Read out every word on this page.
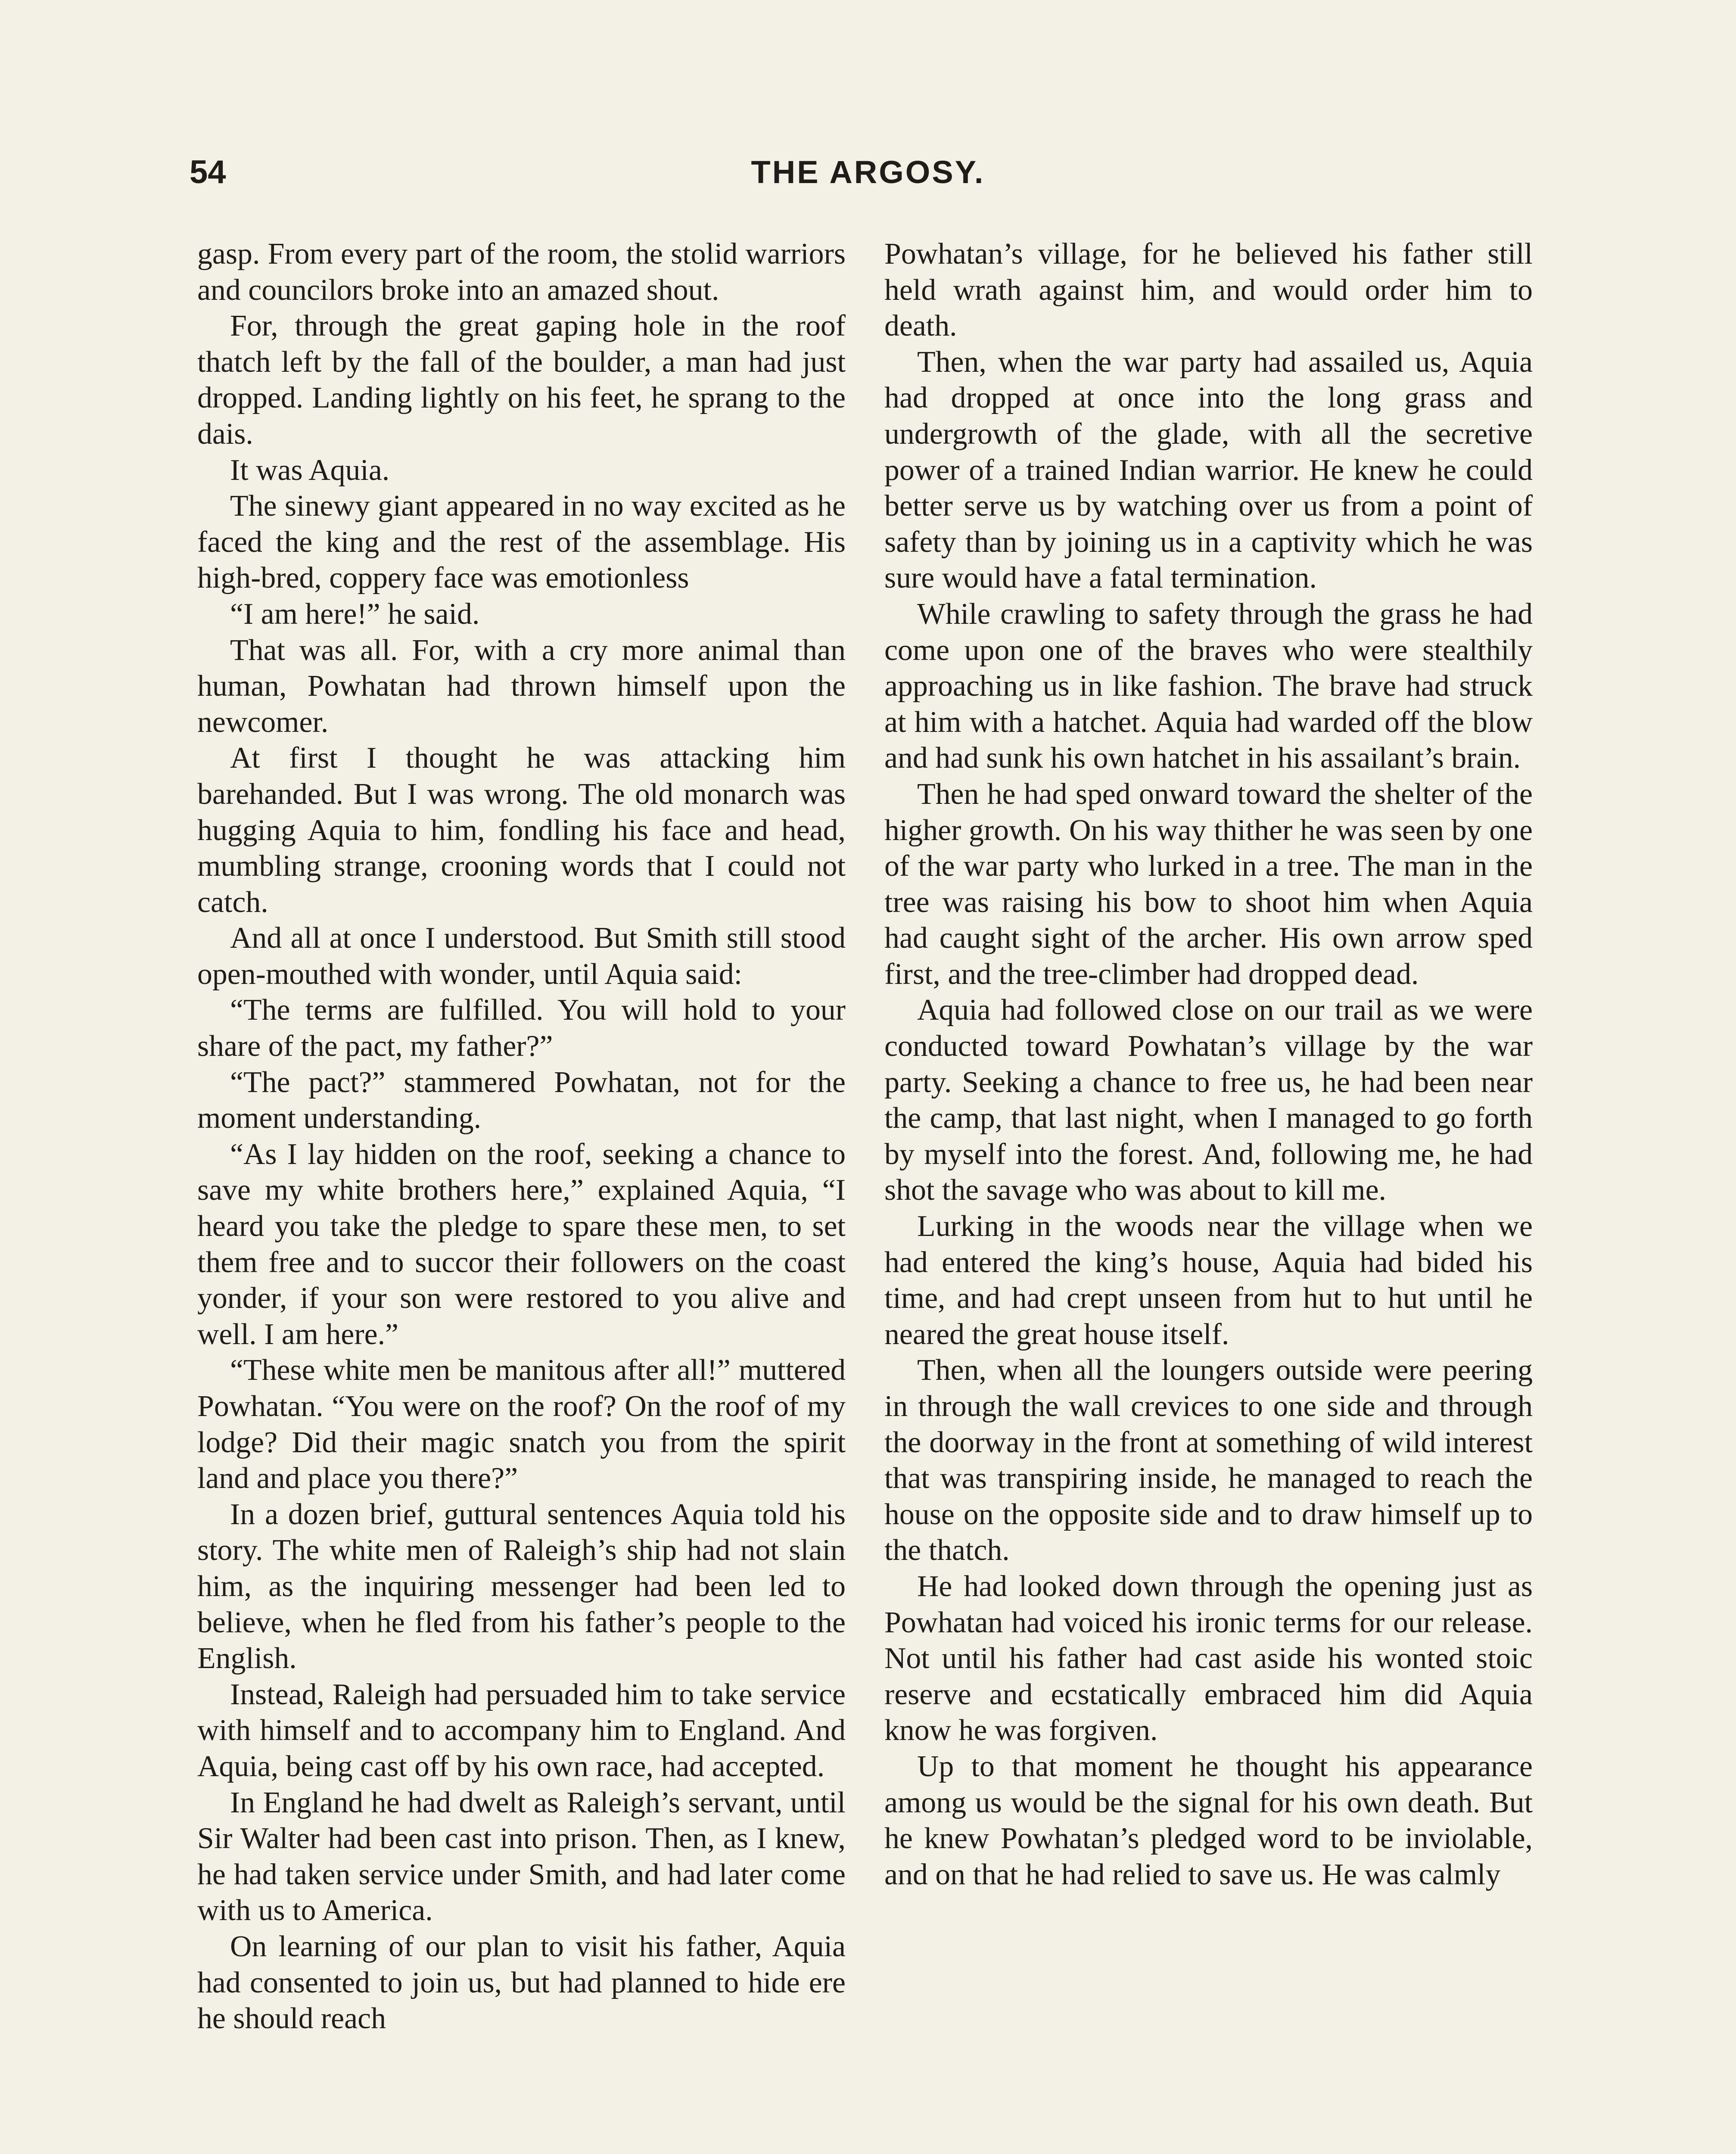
54	THE ARGOSY.

gasp. From every part of the room, the stolid warriors and councilors broke into an amazed shout.

For, through the great gaping hole in the roof thatch left by the fall of the boulder, a man had just dropped. Landing lightly on his feet, he sprang to the dais.

It was Aquia.

The sinewy giant appeared in no way excited as he faced the king and the rest of the assemblage. His high-bred, coppery face was emotionless

“I am here!” he said.

That was all. For, with a cry more animal than human, Powhatan had thrown himself upon the newcomer.

At first I thought he was attacking him barehanded. But I was wrong. The old monarch was hugging Aquia to him, fondling his face and head, mumbling strange, crooning words that I could not catch.

And all at once I understood. But Smith still stood open-mouthed with wonder, until Aquia said:

“The terms are fulfilled. You will hold to your share of the pact, my father?”

“The pact?” stammered Powhatan, not for the moment understanding.

“As I lay hidden on the roof, seeking a chance to save my white brothers here,” explained Aquia, “I heard you take the pledge to spare these men, to set them free and to succor their followers on the coast yonder, if your son were restored to you alive and well. I am here.”

“These white men be manitous after all!” muttered Powhatan. “You were on the roof? On the roof of my lodge? Did their magic snatch you from the spirit land and place you there?”

In a dozen brief, guttural sentences Aquia told his story. The white men of Raleigh’s ship had not slain him, as the inquiring messenger had been led to believe, when he fled from his father’s people to the English.

Instead, Raleigh had persuaded him to take service with himself and to accompany him to England. And Aquia, being cast off by his own race, had accepted.

In England he had dwelt as Raleigh’s servant, until Sir Walter had been cast into prison. Then, as I knew, he had taken service under Smith, and had later come with us to America.

On learning of our plan to visit his father, Aquia had consented to join us, but had planned to hide ere he should reach

Powhatan’s village, for he believed his father still held wrath against him, and would order him to death.

Then, when the war party had assailed us, Aquia had dropped at once into the long grass and undergrowth of the glade, with all the secretive power of a trained Indian warrior. He knew he could better serve us by watching over us from a point of safety than by joining us in a captivity which he was sure would have a fatal termination.

While crawling to safety through the grass he had come upon one of the braves who were stealthily approaching us in like fashion. The brave had struck at him with a hatchet. Aquia had warded off the blow and had sunk his own hatchet in his assailant’s brain.

Then he had sped onward toward the shelter of the higher growth. On his way thither he was seen by one of the war party who lurked in a tree. The man in the tree was raising his bow to shoot him when Aquia had caught sight of the archer. His own arrow sped first, and the tree-climber had dropped dead.

Aquia had followed close on our trail as we were conducted toward Powhatan’s village by the war party. Seeking a chance to free us, he had been near the camp, that last night, when I managed to go forth by myself into the forest. And, following me, he had shot the savage who was about to kill me.

Lurking in the woods near the village when we had entered the king’s house, Aquia had bided his time, and had crept unseen from hut to hut until he neared the great house itself.

Then, when all the loungers outside were peering in through the wall crevices to one side and through the doorway in the front at something of wild interest that was transpiring inside, he managed to reach the house on the opposite side and to draw himself up to the thatch.

He had looked down through the opening just as Powhatan had voiced his ironic terms for our release. Not until his father had cast aside his wonted stoic reserve and ecstatically embraced him did Aquia know he was forgiven.

Up to that moment he thought his appearance among us would be the signal for his own death. But he knew Powhatan’s pledged word to be inviolable, and on that he had relied to save us. He was calmly
